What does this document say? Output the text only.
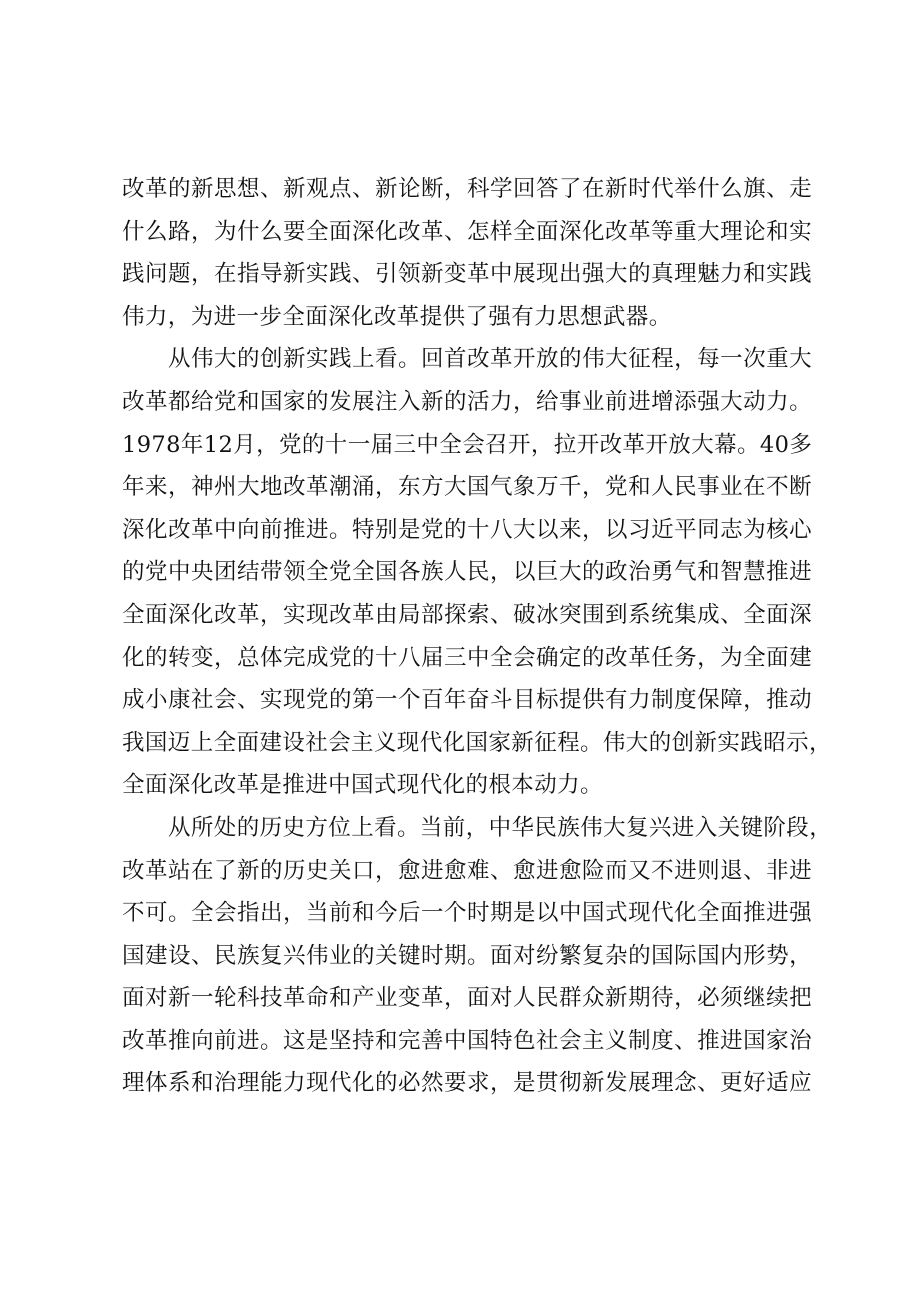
改革的新思想、新观点、新论断，科学回答了在新时代举什么旗、走
什么路，为什么要全面深化改革、怎样全面深化改革等重大理论和实
践问题，在指导新实践、引领新变革中展现出强大的真理魅力和实践
伟力，为进一步全面深化改革提供了强有力思想武器。

从伟大的创新实践上看。回首改革开放的伟大征程，每一次重大
改革都给党和国家的发展注入新的活力，给事业前进增添强大动力。
1978年12月，党的十一届三中全会召开，拉开改革开放大幕。40多
年来，神州大地改革潮涌，东方大国气象万千，党和人民事业在不断
深化改革中向前推进。特别是党的十八大以来，以习近平同志为核心
的党中央团结带领全党全国各族人民，以巨大的政治勇气和智慧推进
全面深化改革，实现改革由局部探索、破冰突围到系统集成、全面深
化的转变，总体完成党的十八届三中全会确定的改革任务，为全面建
成小康社会、实现党的第一个百年奋斗目标提供有力制度保障，推动
我国迈上全面建设社会主义现代化国家新征程。伟大的创新实践昭示，
全面深化改革是推进中国式现代化的根本动力。

从所处的历史方位上看。当前，中华民族伟大复兴进入关键阶段，
改革站在了新的历史关口，愈进愈难、愈进愈险而又不进则退、非进
不可。全会指出，当前和今后一个时期是以中国式现代化全面推进强
国建设、民族复兴伟业的关键时期。面对纷繁复杂的国际国内形势，
面对新一轮科技革命和产业变革，面对人民群众新期待，必须继续把
改革推向前进。这是坚持和完善中国特色社会主义制度、推进国家治
理体系和治理能力现代化的必然要求，是贯彻新发展理念、更好适应
